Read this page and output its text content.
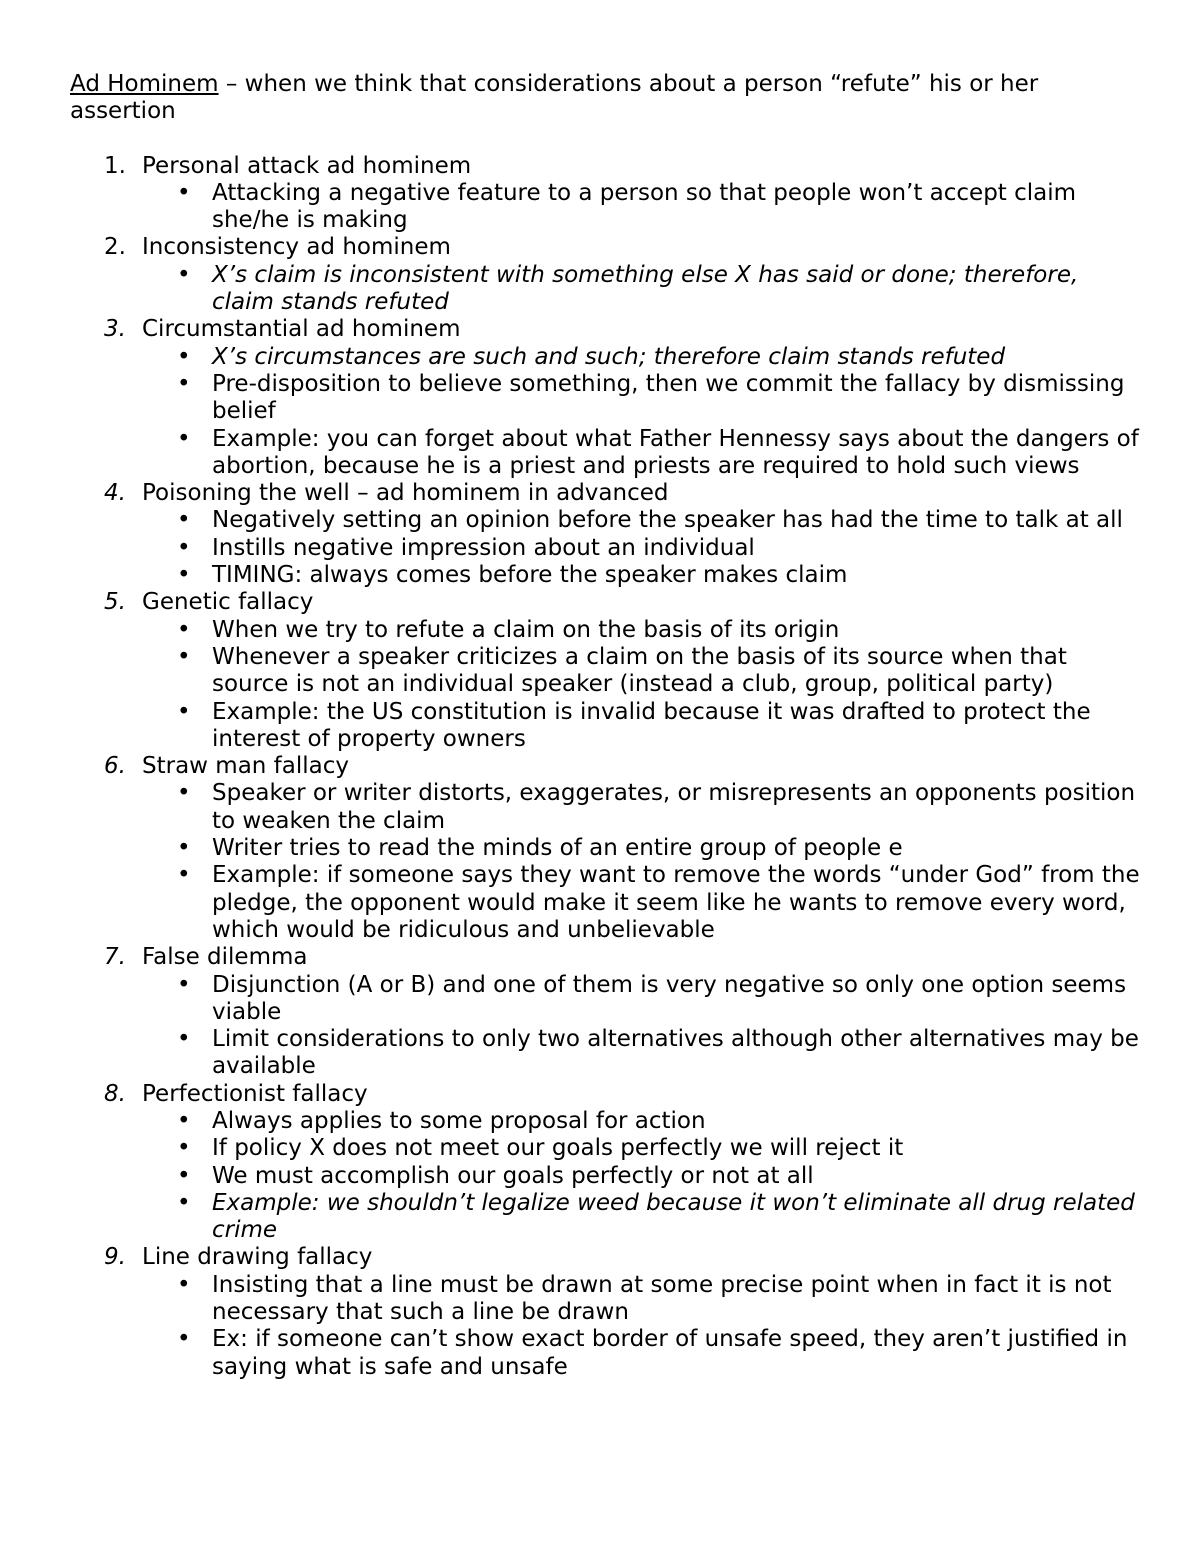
Ad Hominem – when we think that considerations about a person “refute” his or her assertion

1. Personal attack ad hominem
• Attacking a negative feature to a person so that people won’t accept claim she/he is making
2. Inconsistency ad hominem
• X’s claim is inconsistent with something else X has said or done; therefore, claim stands refuted
3. Circumstantial ad hominem
• X’s circumstances are such and such; therefore claim stands refuted
• Pre-disposition to believe something, then we commit the fallacy by dismissing belief
• Example: you can forget about what Father Hennessy says about the dangers of abortion, because he is a priest and priests are required to hold such views
4. Poisoning the well – ad hominem in advanced
• Negatively setting an opinion before the speaker has had the time to talk at all
• Instills negative impression about an individual
• TIMING: always comes before the speaker makes claim
5. Genetic fallacy
• When we try to refute a claim on the basis of its origin
• Whenever a speaker criticizes a claim on the basis of its source when that source is not an individual speaker (instead a club, group, political party)
• Example: the US constitution is invalid because it was drafted to protect the interest of property owners
6. Straw man fallacy
• Speaker or writer distorts, exaggerates, or misrepresents an opponents position to weaken the claim
• Writer tries to read the minds of an entire group of people e
• Example: if someone says they want to remove the words “under God” from the pledge, the opponent would make it seem like he wants to remove every word, which would be ridiculous and unbelievable
7. False dilemma
• Disjunction (A or B) and one of them is very negative so only one option seems viable
• Limit considerations to only two alternatives although other alternatives may be available
8. Perfectionist fallacy
• Always applies to some proposal for action
• If policy X does not meet our goals perfectly we will reject it
• We must accomplish our goals perfectly or not at all
• Example: we shouldn’t legalize weed because it won’t eliminate all drug related crime
9. Line drawing fallacy
• Insisting that a line must be drawn at some precise point when in fact it is not necessary that such a line be drawn
• Ex: if someone can’t show exact border of unsafe speed, they aren’t justified in saying what is safe and unsafe
